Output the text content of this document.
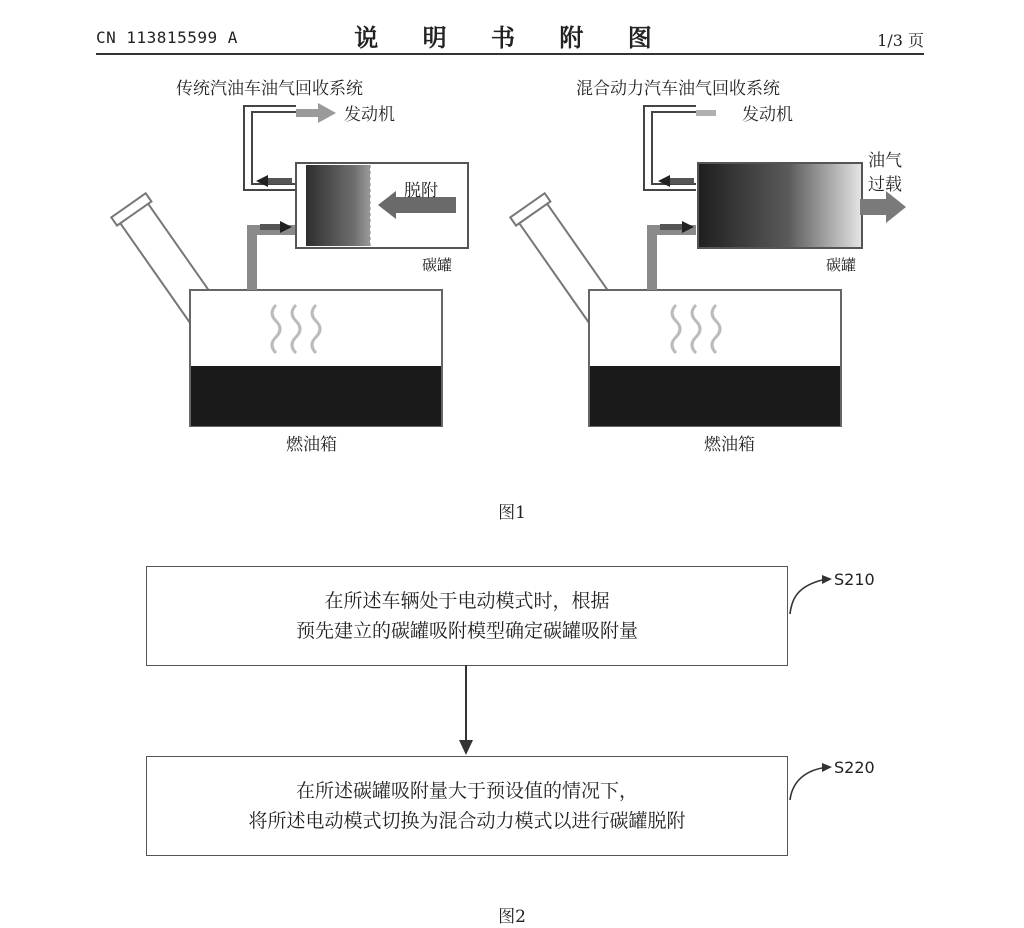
CN 113815599 A	说 明 书 附 图	1/3 页
传统汽油车油气回收系统
发动机
脱附
碳罐
燃油箱
混合动力汽车油气回收系统
发动机
油气
过载
碳罐
燃油箱
图1
在所述车辆处于电动模式时，根据
预先建立的碳罐吸附模型确定碳罐吸附量
在所述碳罐吸附量大于预设值的情况下，
将所述电动模式切换为混合动力模式以进行碳罐脱附
S210
S220
图2
